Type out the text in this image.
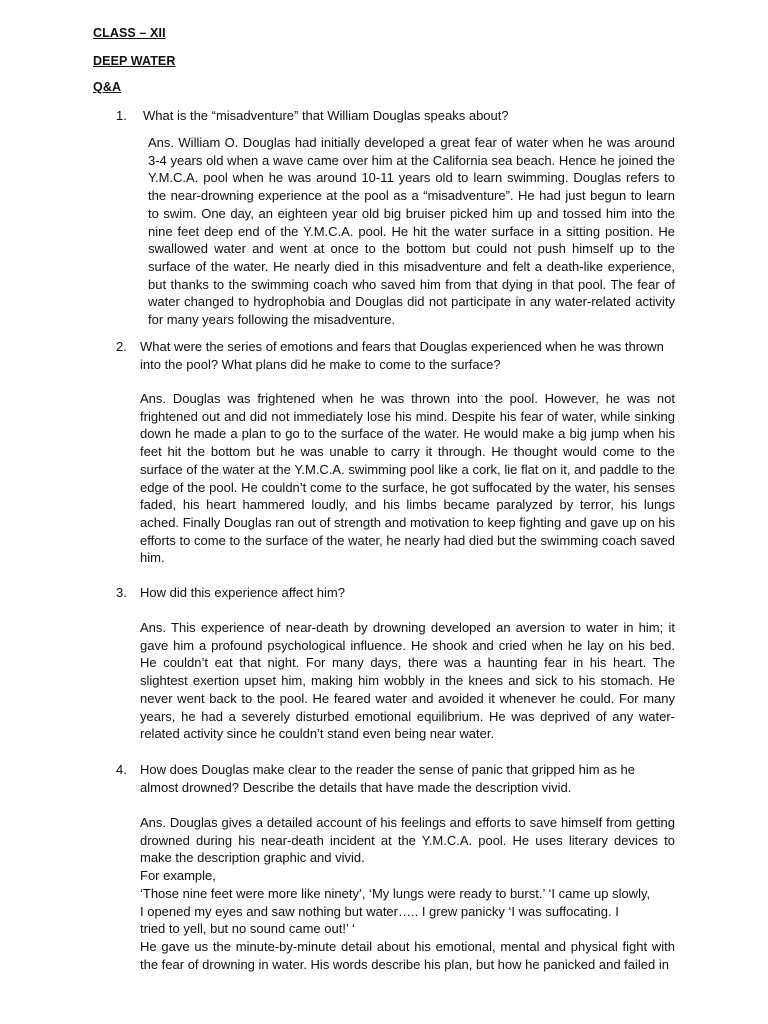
CLASS – XII
DEEP WATER
Q&A
1. What is the “misadventure” that William Douglas speaks about?
Ans. William O. Douglas had initially developed a great fear of water when he was around 3-4 years old when a wave came over him at the California sea beach. Hence he joined the Y.M.C.A. pool when he was around 10-11 years old to learn swimming. Douglas refers to the near-drowning experience at the pool as a “misadventure”. He had just begun to learn to swim. One day, an eighteen year old big bruiser picked him up and tossed him into the nine feet deep end of the Y.M.C.A. pool. He hit the water surface in a sitting position. He swallowed water and went at once to the bottom but could not push himself up to the surface of the water. He nearly died in this misadventure and felt a death-like experience, but thanks to the swimming coach who saved him from that dying in that pool. The fear of water changed to hydrophobia and Douglas did not participate in any water-related activity for many years following the misadventure.
2. What were the series of emotions and fears that Douglas experienced when he was thrown into the pool? What plans did he make to come to the surface?
Ans. Douglas was frightened when he was thrown into the pool. However, he was not frightened out and did not immediately lose his mind. Despite his fear of water, while sinking down he made a plan to go to the surface of the water. He would make a big jump when his feet hit the bottom but he was unable to carry it through. He thought would come to the surface of the water at the Y.M.C.A. swimming pool like a cork, lie flat on it, and paddle to the edge of the pool. He couldn’t come to the surface, he got suffocated by the water, his senses faded, his heart hammered loudly, and his limbs became paralyzed by terror, his lungs ached. Finally Douglas ran out of strength and motivation to keep fighting and gave up on his efforts to come to the surface of the water, he nearly had died but the swimming coach saved him.
3. How did this experience affect him?
Ans. This experience of near-death by drowning developed an aversion to water in him; it gave him a profound psychological influence. He shook and cried when he lay on his bed. He couldn’t eat that night. For many days, there was a haunting fear in his heart. The slightest exertion upset him, making him wobbly in the knees and sick to his stomach. He never went back to the pool. He feared water and avoided it whenever he could. For many years, he had a severely disturbed emotional equilibrium. He was deprived of any water-related activity since he couldn’t stand even being near water.
4. How does Douglas make clear to the reader the sense of panic that gripped him as he almost drowned? Describe the details that have made the description vivid.

Ans. Douglas gives a detailed account of his feelings and efforts to save himself from getting drowned during his near-death incident at the Y.M.C.A. pool. He uses literary devices to make the description graphic and vivid.

For example,

‘Those nine feet were more like ninety’, ‘My lungs were ready to burst.’ ‘I came up slowly,

I opened my eyes and saw nothing but water….. I grew panicky ‘I was suffocating. I

tried to yell, but no sound came out!’ ‘

He gave us the minute-by-minute detail about his emotional, mental and physical fight with the fear of drowning in water. His words describe his plan, but how he panicked and failed in
